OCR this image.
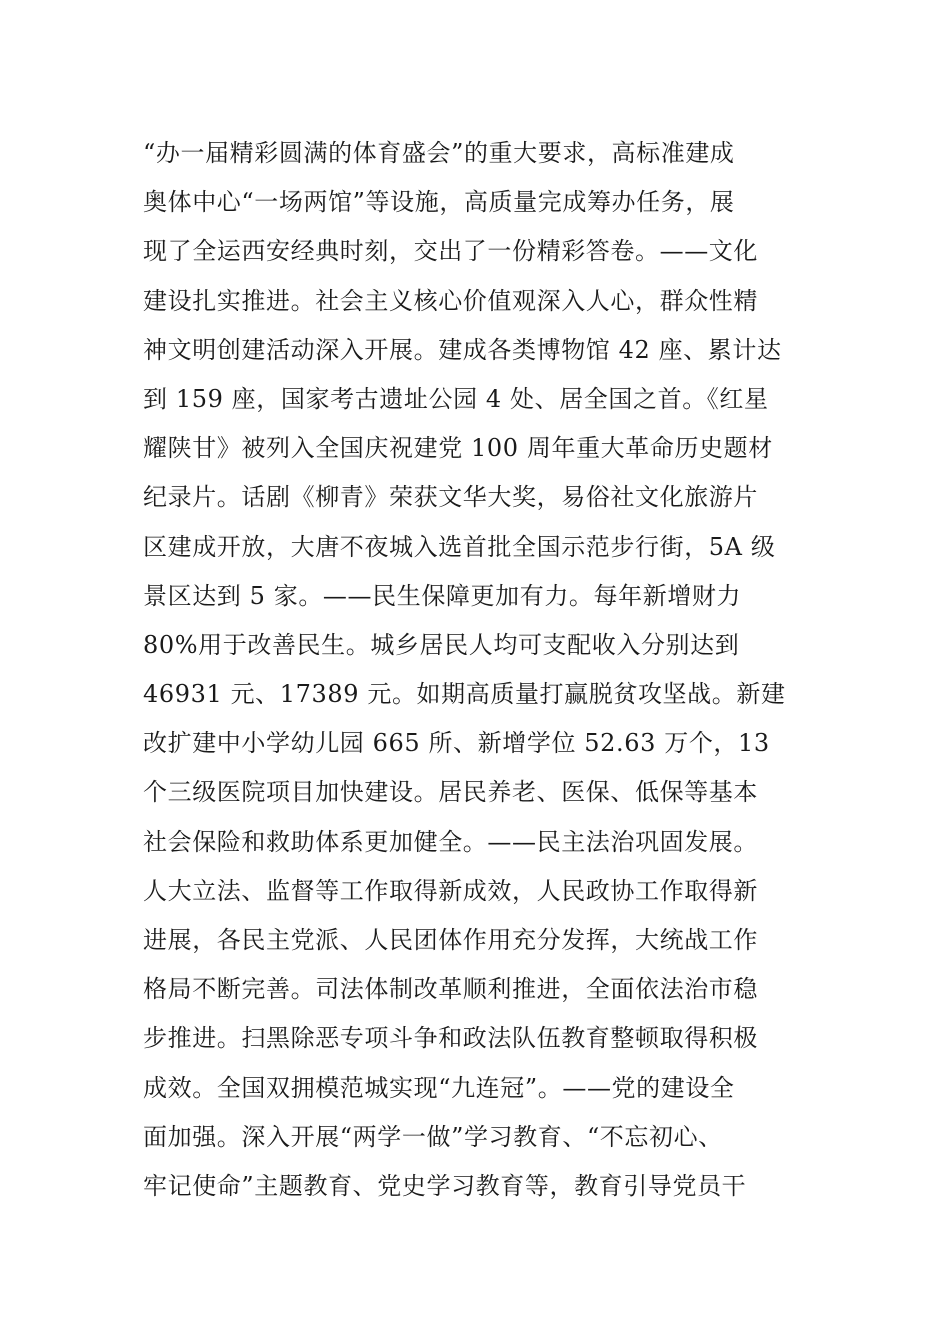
“办一届精彩圆满的体育盛会”的重大要求，高标准建成
奥体中心“一场两馆”等设施，高质量完成筹办任务，展
现了全运西安经典时刻，交出了一份精彩答卷。——文化
建设扎实推进。社会主义核心价值观深入人心，群众性精
神文明创建活动深入开展。建成各类博物馆 42 座、累计达
到 159 座，国家考古遗址公园 4 处、居全国之首。《红星
耀陕甘》被列入全国庆祝建党 100 周年重大革命历史题材
纪录片。话剧《柳青》荣获文华大奖，易俗社文化旅游片
区建成开放，大唐不夜城入选首批全国示范步行街，5A 级
景区达到 5 家。——民生保障更加有力。每年新增财力
80%用于改善民生。城乡居民人均可支配收入分别达到
46931 元、17389 元。如期高质量打赢脱贫攻坚战。新建
改扩建中小学幼儿园 665 所、新增学位 52.63 万个，13
个三级医院项目加快建设。居民养老、医保、低保等基本
社会保险和救助体系更加健全。——民主法治巩固发展。
人大立法、监督等工作取得新成效，人民政协工作取得新
进展，各民主党派、人民团体作用充分发挥，大统战工作
格局不断完善。司法体制改革顺利推进，全面依法治市稳
步推进。扫黑除恶专项斗争和政法队伍教育整顿取得积极
成效。全国双拥模范城实现“九连冠”。——党的建设全
面加强。深入开展“两学一做”学习教育、“不忘初心、
牢记使命”主题教育、党史学习教育等，教育引导党员干
